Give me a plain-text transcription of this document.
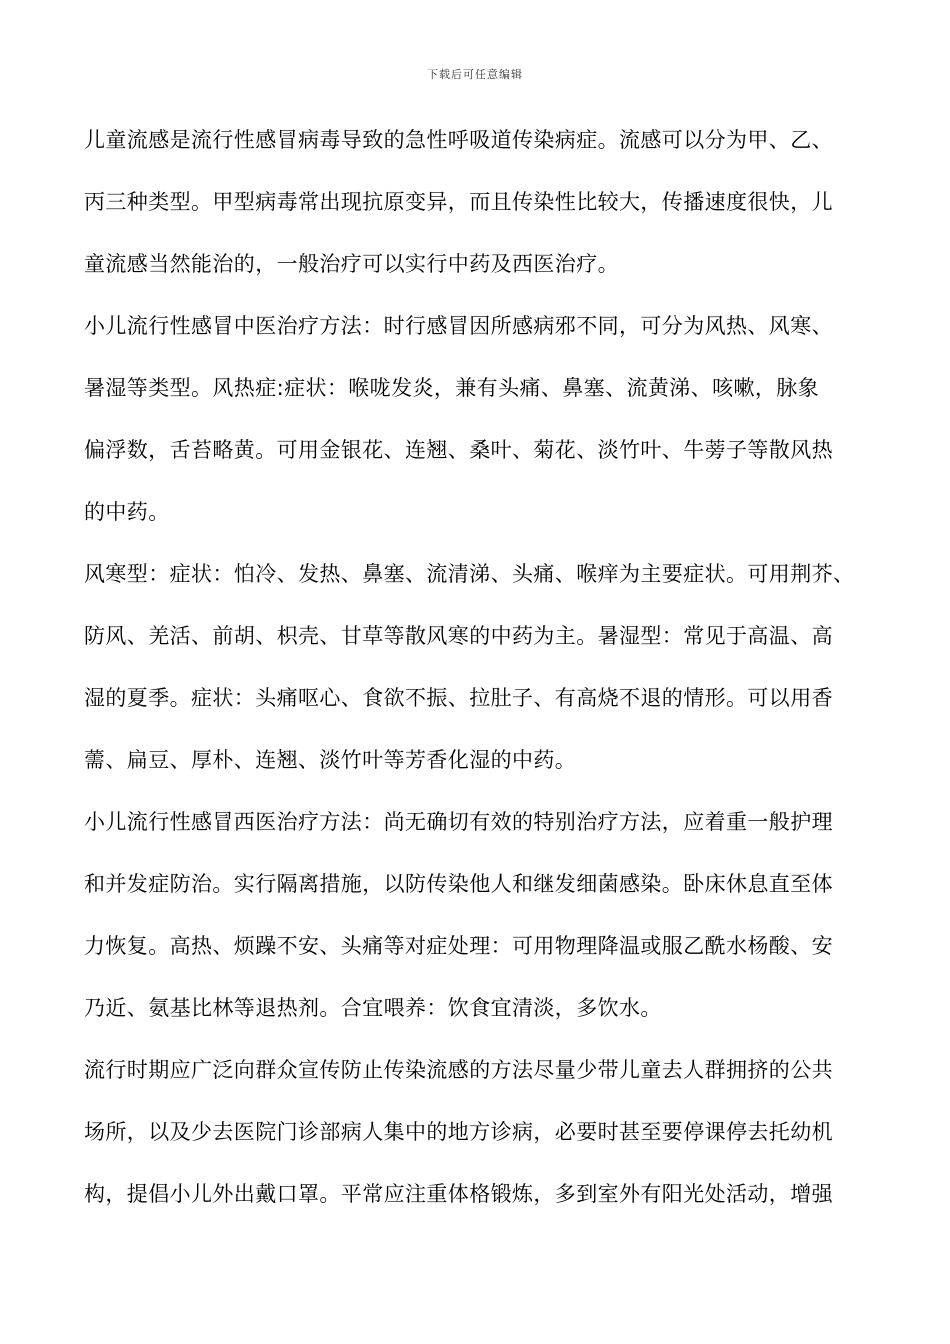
下载后可任意编辑

儿童流感是流行性感冒病毒导致的急性呼吸道传染病症。流感可以分为甲、乙、
丙三种类型。甲型病毒常出现抗原变异，而且传染性比较大，传播速度很快，儿
童流感当然能治的，一般治疗可以实行中药及西医治疗。

小儿流行性感冒中医治疗方法：时行感冒因所感病邪不同，可分为风热、风寒、
暑湿等类型。风热症:症状：喉咙发炎，兼有头痛、鼻塞、流黄涕、咳嗽，脉象
偏浮数，舌苔略黄。可用金银花、连翘、桑叶、菊花、淡竹叶、牛蒡子等散风热
的中药。

风寒型：症状：怕冷、发热、鼻塞、流清涕、头痛、喉痒为主要症状。可用荆芥、
防风、羌活、前胡、枳壳、甘草等散风寒的中药为主。暑湿型：常见于高温、高
湿的夏季。症状：头痛呕心、食欲不振、拉肚子、有高烧不退的情形。可以用香
薷、扁豆、厚朴、连翘、淡竹叶等芳香化湿的中药。

小儿流行性感冒西医治疗方法：尚无确切有效的特别治疗方法，应着重一般护理
和并发症防治。实行隔离措施，以防传染他人和继发细菌感染。卧床休息直至体
力恢复。高热、烦躁不安、头痛等对症处理：可用物理降温或服乙酰水杨酸、安
乃近、氨基比林等退热剂。合宜喂养：饮食宜清淡，多饮水。

流行时期应广泛向群众宣传防止传染流感的方法尽量少带儿童去人群拥挤的公共
场所，以及少去医院门诊部病人集中的地方诊病，必要时甚至要停课停去托幼机
构，提倡小儿外出戴口罩。平常应注重体格锻炼，多到室外有阳光处活动，增强
